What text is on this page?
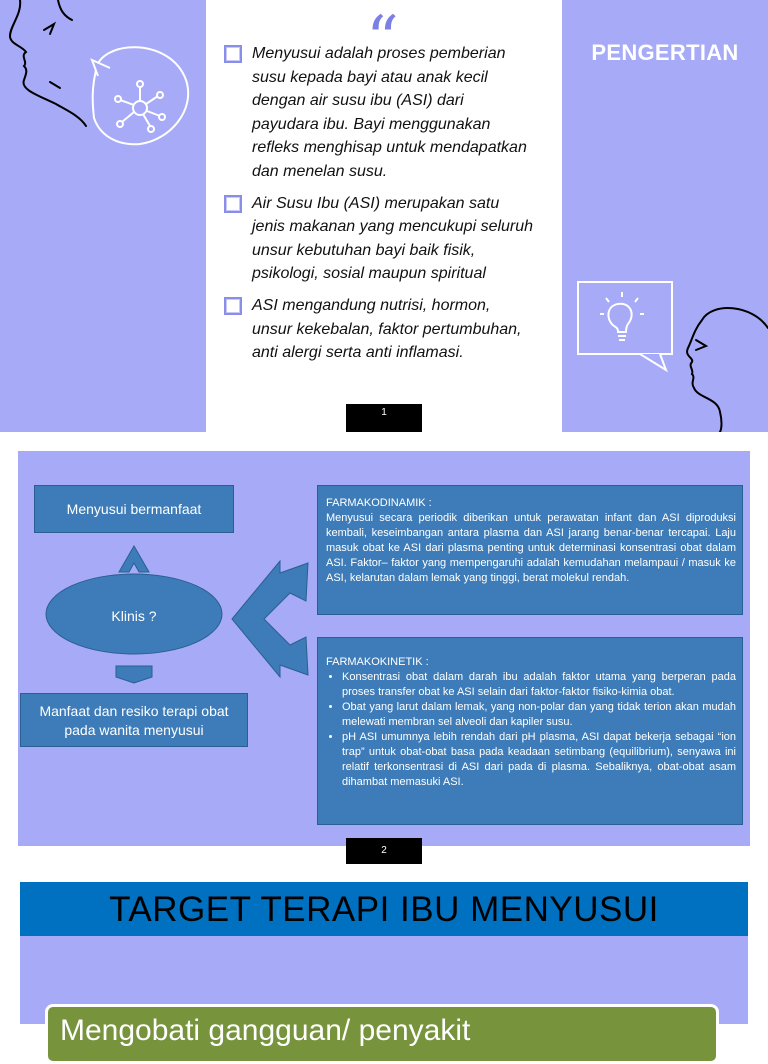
“
Menyusui adalah proses pemberian susu kepada bayi atau anak kecil dengan air susu ibu (ASI) dari payudara ibu. Bayi menggunakan refleks menghisap untuk mendapatkan dan menelan susu.
Air Susu Ibu (ASI) merupakan satu jenis makanan yang mencukupi seluruh unsur kebutuhan bayi baik fisik, psikologi, sosial maupun spiritual
ASI mengandung nutrisi, hormon, unsur kekebalan, faktor pertumbuhan, anti alergi serta anti inflamasi.
1
PENGERTIAN
Menyusui bermanfaat
Klinis ?
Manfaat dan resiko terapi obat pada wanita menyusui
FARMAKODINAMIK :
Menyusui secara periodik diberikan untuk perawatan infant dan ASI diproduksi kembali, keseimbangan antara plasma dan ASI jarang benar-benar tercapai. Laju masuk obat ke ASI dari plasma penting untuk determinasi konsentrasi obat dalam ASI. Faktor– faktor yang mempengaruhi adalah kemudahan melampaui / masuk ke ASI, kelarutan dalam lemak yang tinggi, berat molekul rendah.
FARMAKOKINETIK :
• Konsentrasi obat dalam darah ibu adalah faktor utama yang berperan pada proses transfer obat ke ASI selain dari faktor-faktor fisiko-kimia obat.
• Obat yang larut dalam lemak, yang non-polar dan yang tidak terion akan mudah melewati membran sel alveoli dan kapiler susu.
• pH ASI umumnya lebih rendah dari pH plasma, ASI dapat bekerja sebagai “ion trap” untuk obat-obat basa pada keadaan setimbang (equilibrium), senyawa ini relatif terkonsentrasi di ASI dari pada di plasma. Sebaliknya, obat-obat asam dihambat memasuki ASI.
2
TARGET TERAPI IBU MENYUSUI
Mengobati gangguan/ penyakit
